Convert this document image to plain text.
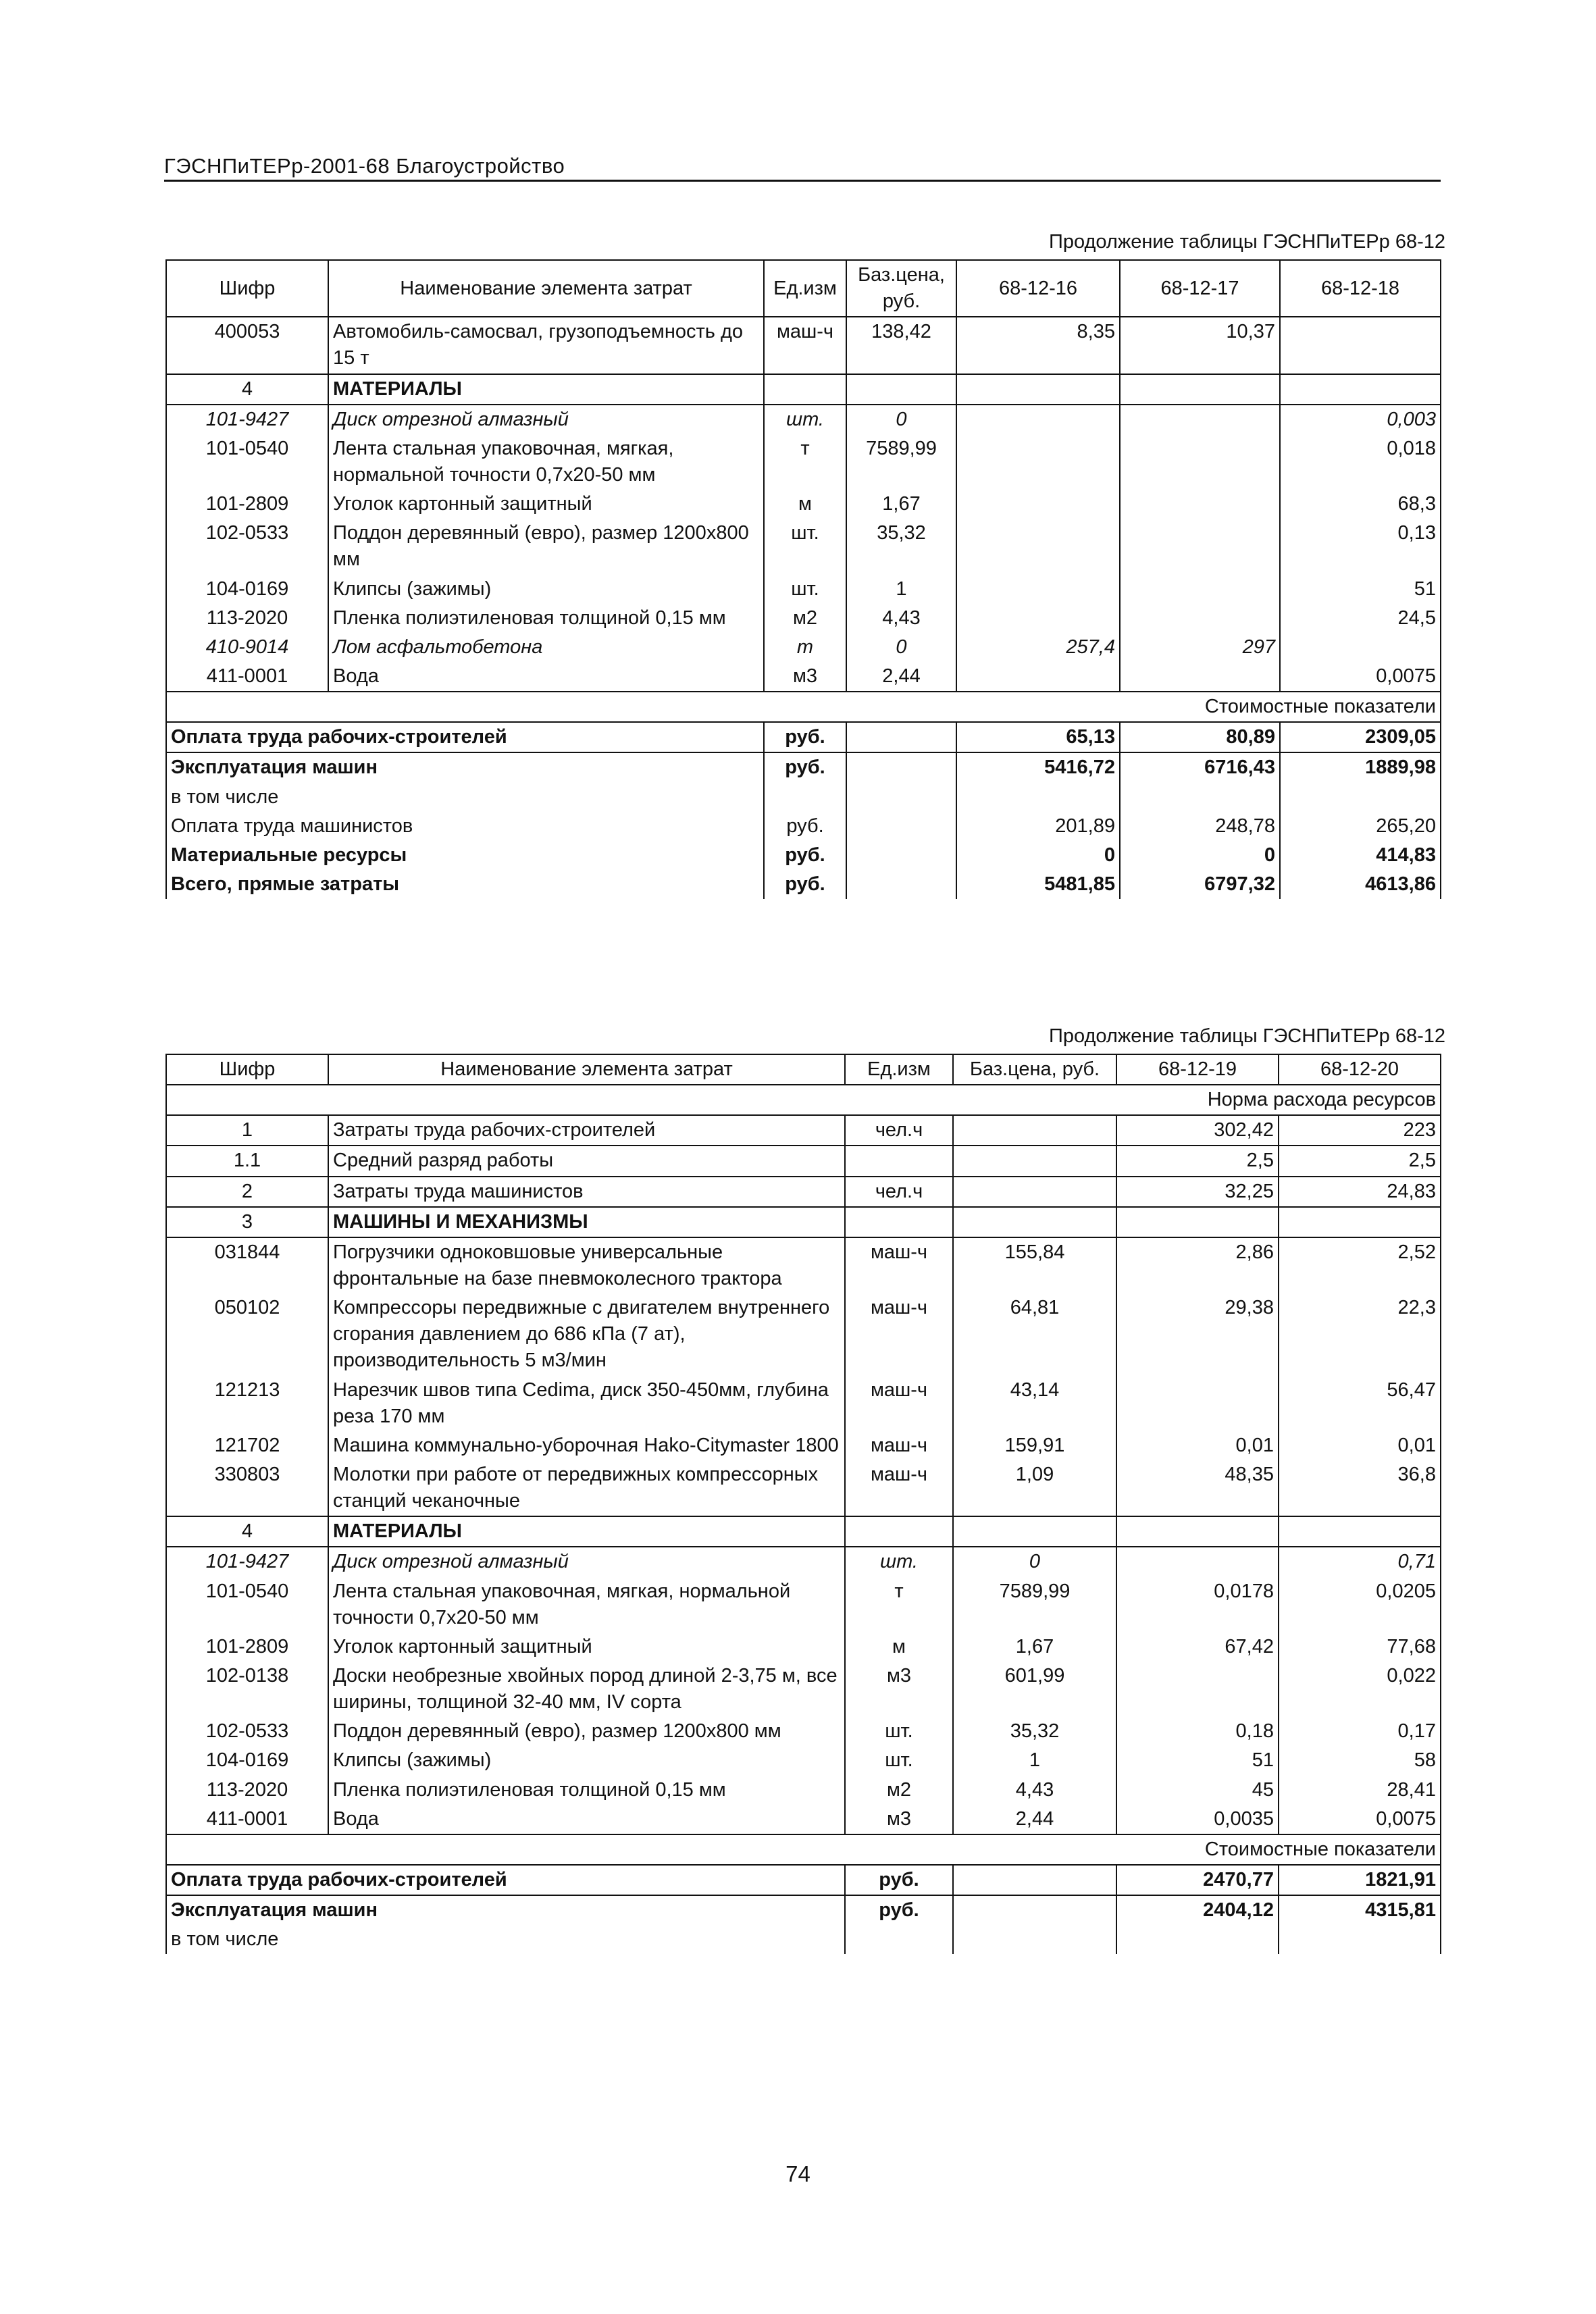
ГЭСНПиТЕРр-2001-68 Благоустройство
Продолжение таблицы ГЭСНПиТЕРр 68-12
Шифр	Наименование элемента затрат	Ед.изм	Баз.цена, руб.	68-12-16	68-12-17	68-12-18
400053	Автомобиль-самосвал, грузоподъемность до 15 т	маш-ч	138,42	8,35	10,37	
4	МАТЕРИАЛЫ					
101-9427	Диск отрезной алмазный	шт.	0			0,003
101-0540	Лента стальная упаковочная, мягкая, нормальной точности 0,7х20-50 мм	т	7589,99			0,018
101-2809	Уголок картонный защитный	м	1,67			68,3
102-0533	Поддон деревянный (евро), размер 1200х800 мм	шт.	35,32			0,13
104-0169	Клипсы (зажимы)	шт.	1			51
113-2020	Пленка полиэтиленовая толщиной 0,15 мм	м2	4,43			24,5
410-9014	Лом асфальтобетона	т	0	257,4	297	
411-0001	Вода	м3	2,44			0,0075
Стоимостные показатели						
Оплата труда рабочих-строителей		руб.		65,13	80,89	2309,05
Эксплуатация машин		руб.		5416,72	6716,43	1889,98
в том числе						
Оплата труда машинистов		руб.		201,89	248,78	265,20
Материальные ресурсы		руб.		0	0	414,83
Всего, прямые затраты		руб.		5481,85	6797,32	4613,86
Продолжение таблицы ГЭСНПиТЕРр 68-12
Шифр	Наименование элемента затрат	Ед.изм	Баз.цена, руб.	68-12-19	68-12-20
Норма расхода ресурсов					
1	Затраты труда рабочих-строителей	чел.ч		302,42	223
1.1	Средний разряд работы			2,5	2,5
2	Затраты труда машинистов	чел.ч		32,25	24,83
3	МАШИНЫ И МЕХАНИЗМЫ				
031844	Погрузчики одноковшовые универсальные фронтальные на базе пневмоколесного трактора	маш-ч	155,84	2,86	2,52
050102	Компрессоры передвижные с двигателем внутреннего сгорания давлением до 686 кПа (7 ат), производительность 5 м3/мин	маш-ч	64,81	29,38	22,3
121213	Нарезчик швов типа Cedima, диск 350-450мм, глубина реза 170 мм	маш-ч	43,14		56,47
121702	Машина коммунально-уборочная Hako-Citymaster 1800	маш-ч	159,91	0,01	0,01
330803	Молотки при работе от передвижных компрессорных станций чеканочные	маш-ч	1,09	48,35	36,8
4	МАТЕРИАЛЫ				
101-9427	Диск отрезной алмазный	шт.	0		0,71
101-0540	Лента стальная упаковочная, мягкая, нормальной точности 0,7х20-50 мм	т	7589,99	0,0178	0,0205
101-2809	Уголок картонный защитный	м	1,67	67,42	77,68
102-0138	Доски необрезные хвойных пород длиной 2-3,75 м, все ширины, толщиной 32-40 мм, IV сорта	м3	601,99		0,022
102-0533	Поддон деревянный (евро), размер 1200х800 мм	шт.	35,32	0,18	0,17
104-0169	Клипсы (зажимы)	шт.	1	51	58
113-2020	Пленка полиэтиленовая толщиной 0,15 мм	м2	4,43	45	28,41
411-0001	Вода	м3	2,44	0,0035	0,0075
Стоимостные показатели					
Оплата труда рабочих-строителей		руб.		2470,77	1821,91
Эксплуатация машин		руб.		2404,12	4315,81
в том числе					
74
